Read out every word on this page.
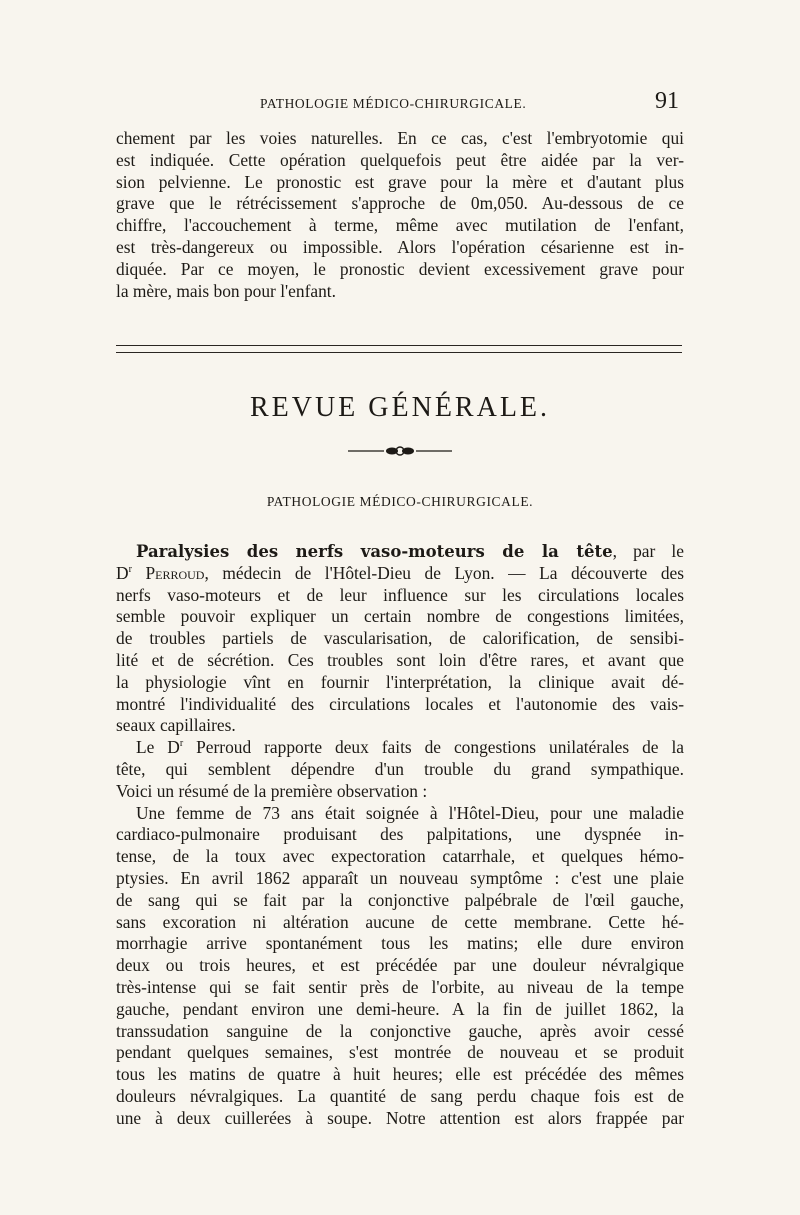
PATHOLOGIE MÉDICO-CHIRURGICALE.	91
chement par les voies naturelles. En ce cas, c'est l'embryotomie qui
est indiquée. Cette opération quelquefois peut être aidée par la ver-
sion pelvienne. Le pronostic est grave pour la mère et d'autant plus
grave que le rétrécissement s'approche de 0m,050. Au-dessous de ce
chiffre, l'accouchement à terme, même avec mutilation de l'enfant,
est très-dangereux ou impossible. Alors l'opération césarienne est in-
diquée. Par ce moyen, le pronostic devient excessivement grave pour
la mère, mais bon pour l'enfant.
REVUE GÉNÉRALE.
PATHOLOGIE MÉDICO-CHIRURGICALE.
Paralysies des nerfs vaso-moteurs de la tête, par le
$D^r$ Perroud, médecin de l'Hôtel-Dieu de Lyon. — La découverte des
nerfs vaso-moteurs et de leur influence sur les circulations locales
semble pouvoir expliquer un certain nombre de congestions limitées,
de troubles partiels de vascularisation, de calorification, de sensibi-
lité et de sécrétion. Ces troubles sont loin d'être rares, et avant que
la physiologie vînt en fournir l'interprétation, la clinique avait dé-
montré l'individualité des circulations locales et l'autonomie des vais-
seaux capillaires.
Le $D^r$ Perroud rapporte deux faits de congestions unilatérales de la
tête, qui semblent dépendre d'un trouble du grand sympathique.
Voici un résumé de la première observation :
Une femme de 73 ans était soignée à l'Hôtel-Dieu, pour une maladie
cardiaco-pulmonaire produisant des palpitations, une dyspnée in-
tense, de la toux avec expectoration catarrhale, et quelques hémo-
ptysies. En avril 1862 apparaît un nouveau symptôme : c'est une plaie
de sang qui se fait par la conjonctive palpébrale de l'œil gauche,
sans excoration ni altération aucune de cette membrane. Cette hé-
morrhagie arrive spontanément tous les matins; elle dure environ
deux ou trois heures, et est précédée par une douleur névralgique
très-intense qui se fait sentir près de l'orbite, au niveau de la tempe
gauche, pendant environ une demi-heure. A la fin de juillet 1862, la
transsudation sanguine de la conjonctive gauche, après avoir cessé
pendant quelques semaines, s'est montrée de nouveau et se produit
tous les matins de quatre à huit heures; elle est précédée des mêmes
douleurs névralgiques. La quantité de sang perdu chaque fois est de
une à deux cuillerées à soupe. Notre attention est alors frappée par
